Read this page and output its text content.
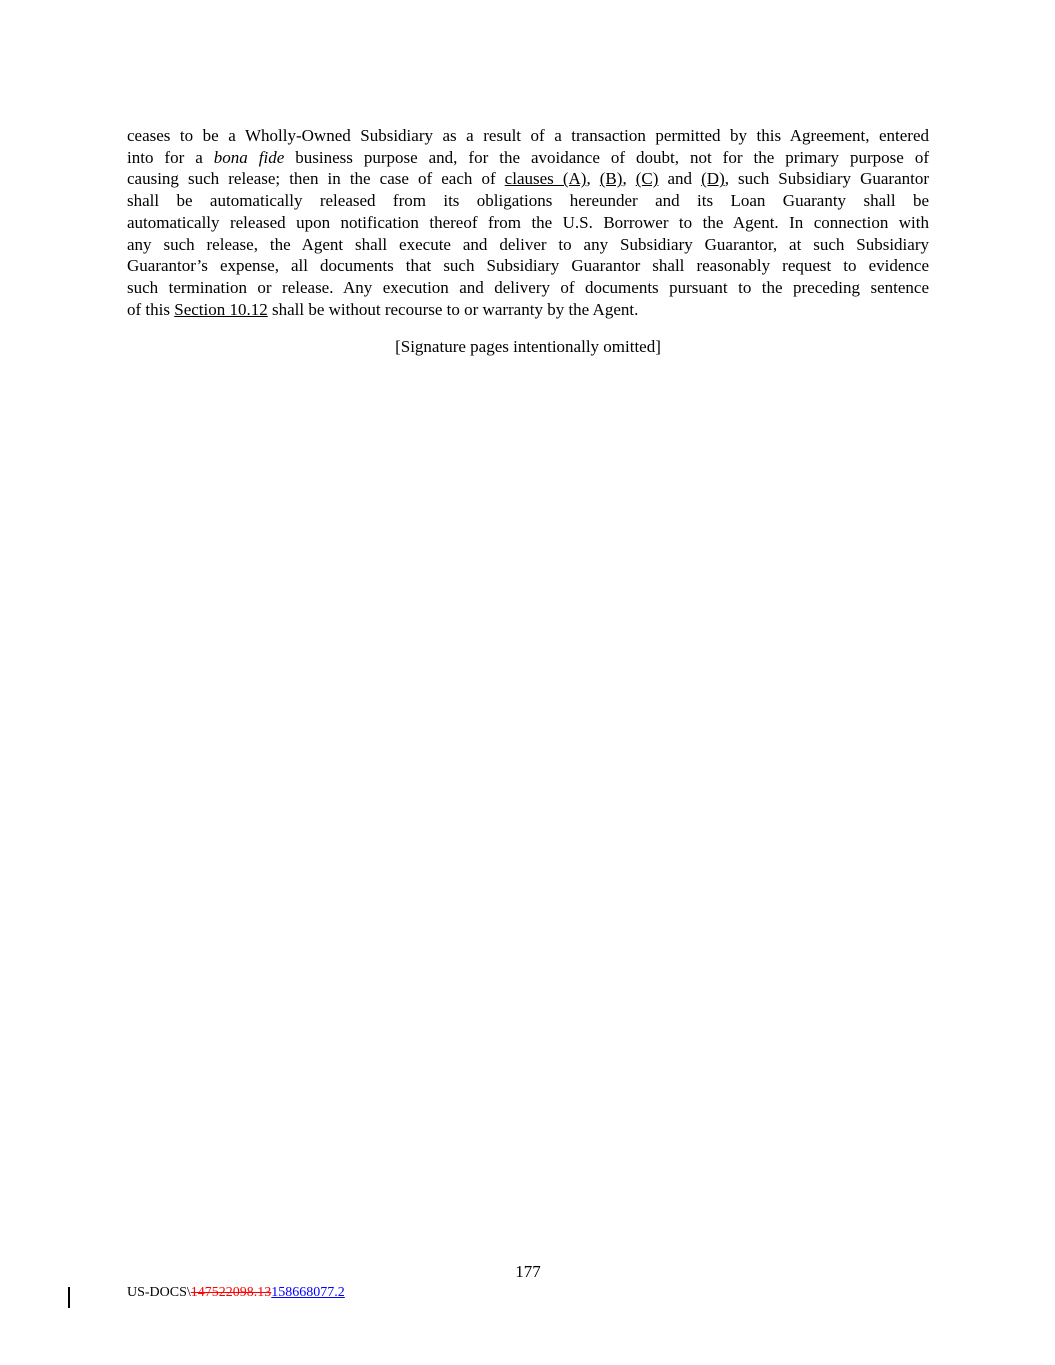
ceases to be a Wholly-Owned Subsidiary as a result of a transaction permitted by this Agreement, entered
into for a bona fide business purpose and, for the avoidance of doubt, not for the primary purpose of
causing such release; then in the case of each of clauses (A), (B), (C) and (D), such Subsidiary Guarantor
shall be automatically released from its obligations hereunder and its Loan Guaranty shall be
automatically released upon notification thereof from the U.S. Borrower to the Agent. In connection with
any such release, the Agent shall execute and deliver to any Subsidiary Guarantor, at such Subsidiary
Guarantor’s expense, all documents that such Subsidiary Guarantor shall reasonably request to evidence
such termination or release. Any execution and delivery of documents pursuant to the preceding sentence
of this Section 10.12 shall be without recourse to or warranty by the Agent.
[Signature pages intentionally omitted]
177
US-DOCS\147522098.13158668077.2
